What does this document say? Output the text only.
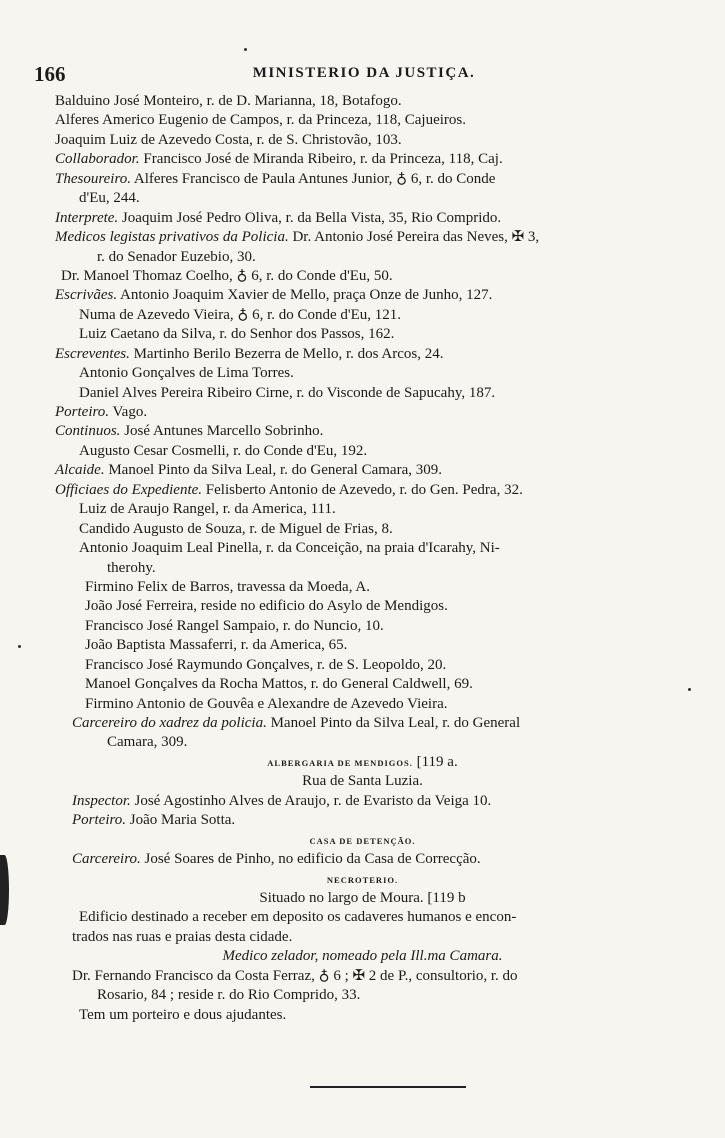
166	MINISTERIO DA JUSTIÇA.
Balduino José Monteiro, r. de D. Marianna, 18, Botafogo.
Alferes Americo Eugenio de Campos, r. da Princeza, 118, Cajueiros.
Joaquim Luiz de Azevedo Costa, r. de S. Christovão, 103.
Collaborador. Francisco José de Miranda Ribeiro, r. da Princeza, 118, Caj.
Thesoureiro. Alferes Francisco de Paula Antunes Junior, ♁ 6, r. do Conde
d'Eu, 244.
Interprete. Joaquim José Pedro Oliva, r. da Bella Vista, 35, Rio Comprido.
Medicos legistas privativos da Policia. Dr. Antonio José Pereira das Neves, ✠ 3,
r. do Senador Euzebio, 30.
Dr. Manoel Thomaz Coelho, ♁ 6, r. do Conde d'Eu, 50.
Escrivães. Antonio Joaquim Xavier de Mello, praça Onze de Junho, 127.
Numa de Azevedo Vieira, ♁ 6, r. do Conde d'Eu, 121.
Luiz Caetano da Silva, r. do Senhor dos Passos, 162.
Escreventes. Martinho Berilo Bezerra de Mello, r. dos Arcos, 24.
Antonio Gonçalves de Lima Torres.
Daniel Alves Pereira Ribeiro Cirne, r. do Visconde de Sapucahy, 187.
Porteiro. Vago.
Continuos. José Antunes Marcello Sobrinho.
Augusto Cesar Cosmelli, r. do Conde d'Eu, 192.
Alcaide. Manoel Pinto da Silva Leal, r. do General Camara, 309.
Officiaes do Expediente. Felisberto Antonio de Azevedo, r. do Gen. Pedra, 32.
Luiz de Araujo Rangel, r. da America, 111.
Candido Augusto de Souza, r. de Miguel de Frias, 8.
Antonio Joaquim Leal Pinella, r. da Conceição, na praia d'Icarahy, Ni-
therohy.
Firmino Felix de Barros, travessa da Moeda, A.
João José Ferreira, reside no edificio do Asylo de Mendigos.
Francisco José Rangel Sampaio, r. do Nuncio, 10.
João Baptista Massaferri, r. da America, 65.
Francisco José Raymundo Gonçalves, r. de S. Leopoldo, 20.
Manoel Gonçalves da Rocha Mattos, r. do General Caldwell, 69.
Firmino Antonio de Gouvêa e Alexandre de Azevedo Vieira.
Carcereiro do xadrez da policia. Manoel Pinto da Silva Leal, r. do General
Camara, 309.
ALBERGARIA DE MENDIGOS. [119 a.
Rua de Santa Luzia.
Inspector. José Agostinho Alves de Araujo, r. de Evaristo da Veiga 10.
Porteiro. João Maria Sotta.
CASA DE DETENÇÃO.
Carcereiro. José Soares de Pinho, no edificio da Casa de Correcção.
NECROTERIO.
Situado no largo de Moura. [119 b
Edificio destinado a receber em deposito os cadaveres humanos e encon-
trados nas ruas e praias desta cidade.
Medico zelador, nomeado pela Ill.ma Camara.
Dr. Fernando Francisco da Costa Ferraz, ♁ 6 ; ✠ 2 de P., consultorio, r. do
Rosario, 84 ; reside r. do Rio Comprido, 33.
Tem um porteiro e dous ajudantes.
